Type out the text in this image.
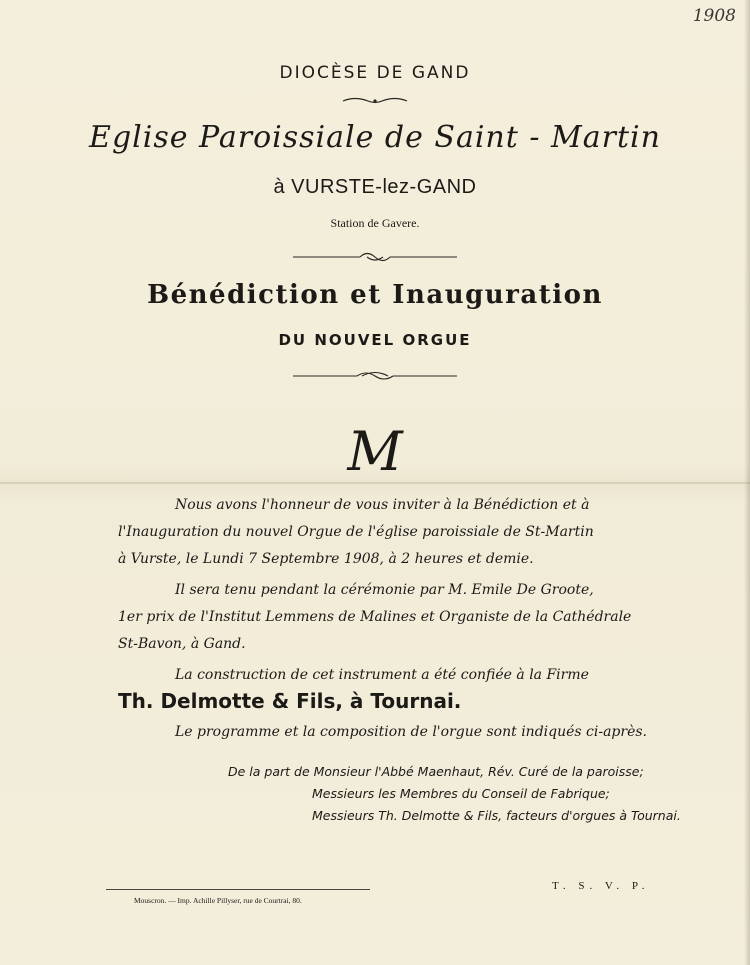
1908
DIOCÈSE DE GAND
Eglise Paroissiale de Saint - Martin
à VURSTE-lez-GAND
Station de Gavere.
Bénédiction et Inauguration
DU NOUVEL ORGUE
M
Nous avons l'honneur de vous inviter à la Bénédiction et à
l'Inauguration du nouvel Orgue de l'église paroissiale de St-Martin
à Vurste, le Lundi 7 Septembre 1908, à 2 heures et demie.
Il sera tenu pendant la cérémonie par M. Emile De Groote,
1er prix de l'Institut Lemmens de Malines et Organiste de la Cathédrale
St-Bavon, à Gand.
La construction de cet instrument a été confiée à la Firme
Th. Delmotte & Fils, à Tournai.
Le programme et la composition de l'orgue sont indiqués ci-après.
De la part de Monsieur l'Abbé Maenhaut, Rév. Curé de la paroisse;
Messieurs les Membres du Conseil de Fabrique;
Messieurs Th. Delmotte & Fils, facteurs d'orgues à Tournai.
Mouscron. — Imp. Achille Pillyser, rue de Courtrai, 80.
T. S. V. P.
